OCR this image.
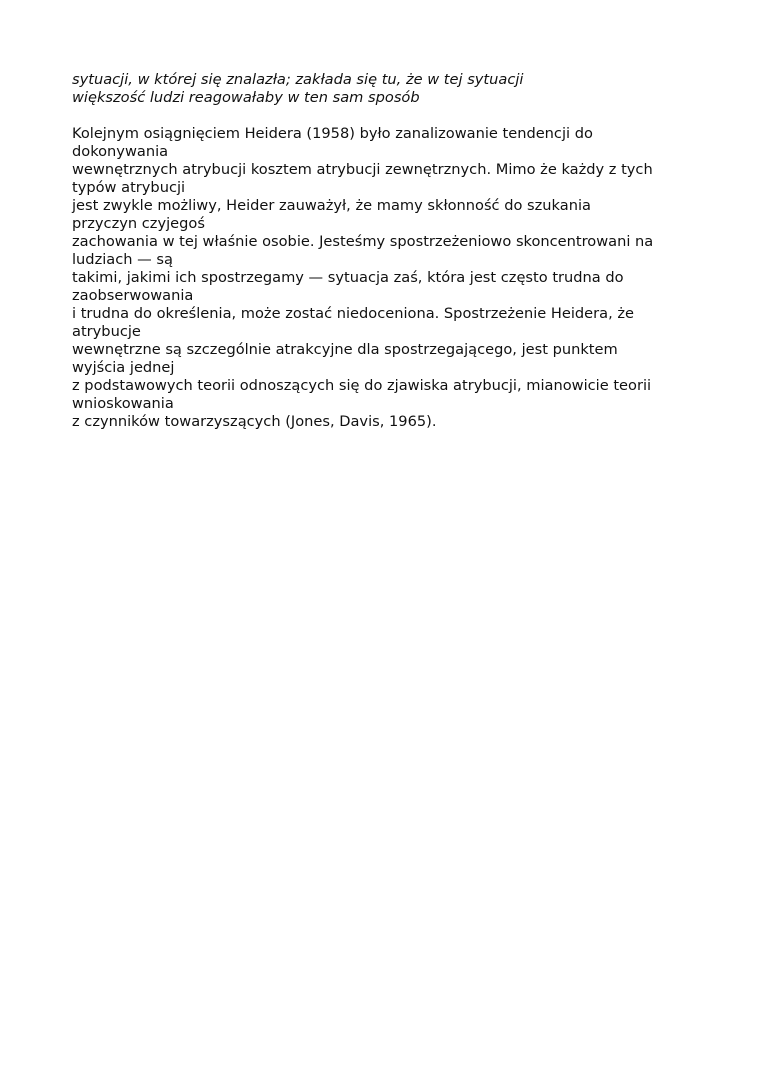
sytuacji, w której się znalazła; zakłada się tu, że w tej sytuacji
większość ludzi reagowałaby w ten sam sposób
Kolejnym osiągnięciem Heidera (1958) było zanalizowanie tendencji do
dokonywania
wewnętrznych atrybucji kosztem atrybucji zewnętrznych. Mimo że każdy z tych
typów atrybucji
jest zwykle możliwy, Heider zauważył, że mamy skłonność do szukania
przyczyn czyjegoś
zachowania w tej właśnie osobie. Jesteśmy spostrzeżeniowo skoncentrowani na
ludziach — są
takimi, jakimi ich spostrzegamy — sytuacja zaś, która jest często trudna do
zaobserwowania
i trudna do określenia, może zostać niedoceniona. Spostrzeżenie Heidera, że
atrybucje
wewnętrzne są szczególnie atrakcyjne dla spostrzegającego, jest punktem
wyjścia jednej
z podstawowych teorii odnoszących się do zjawiska atrybucji, mianowicie teorii
wnioskowania
z czynników towarzyszących (Jones, Davis, 1965).
